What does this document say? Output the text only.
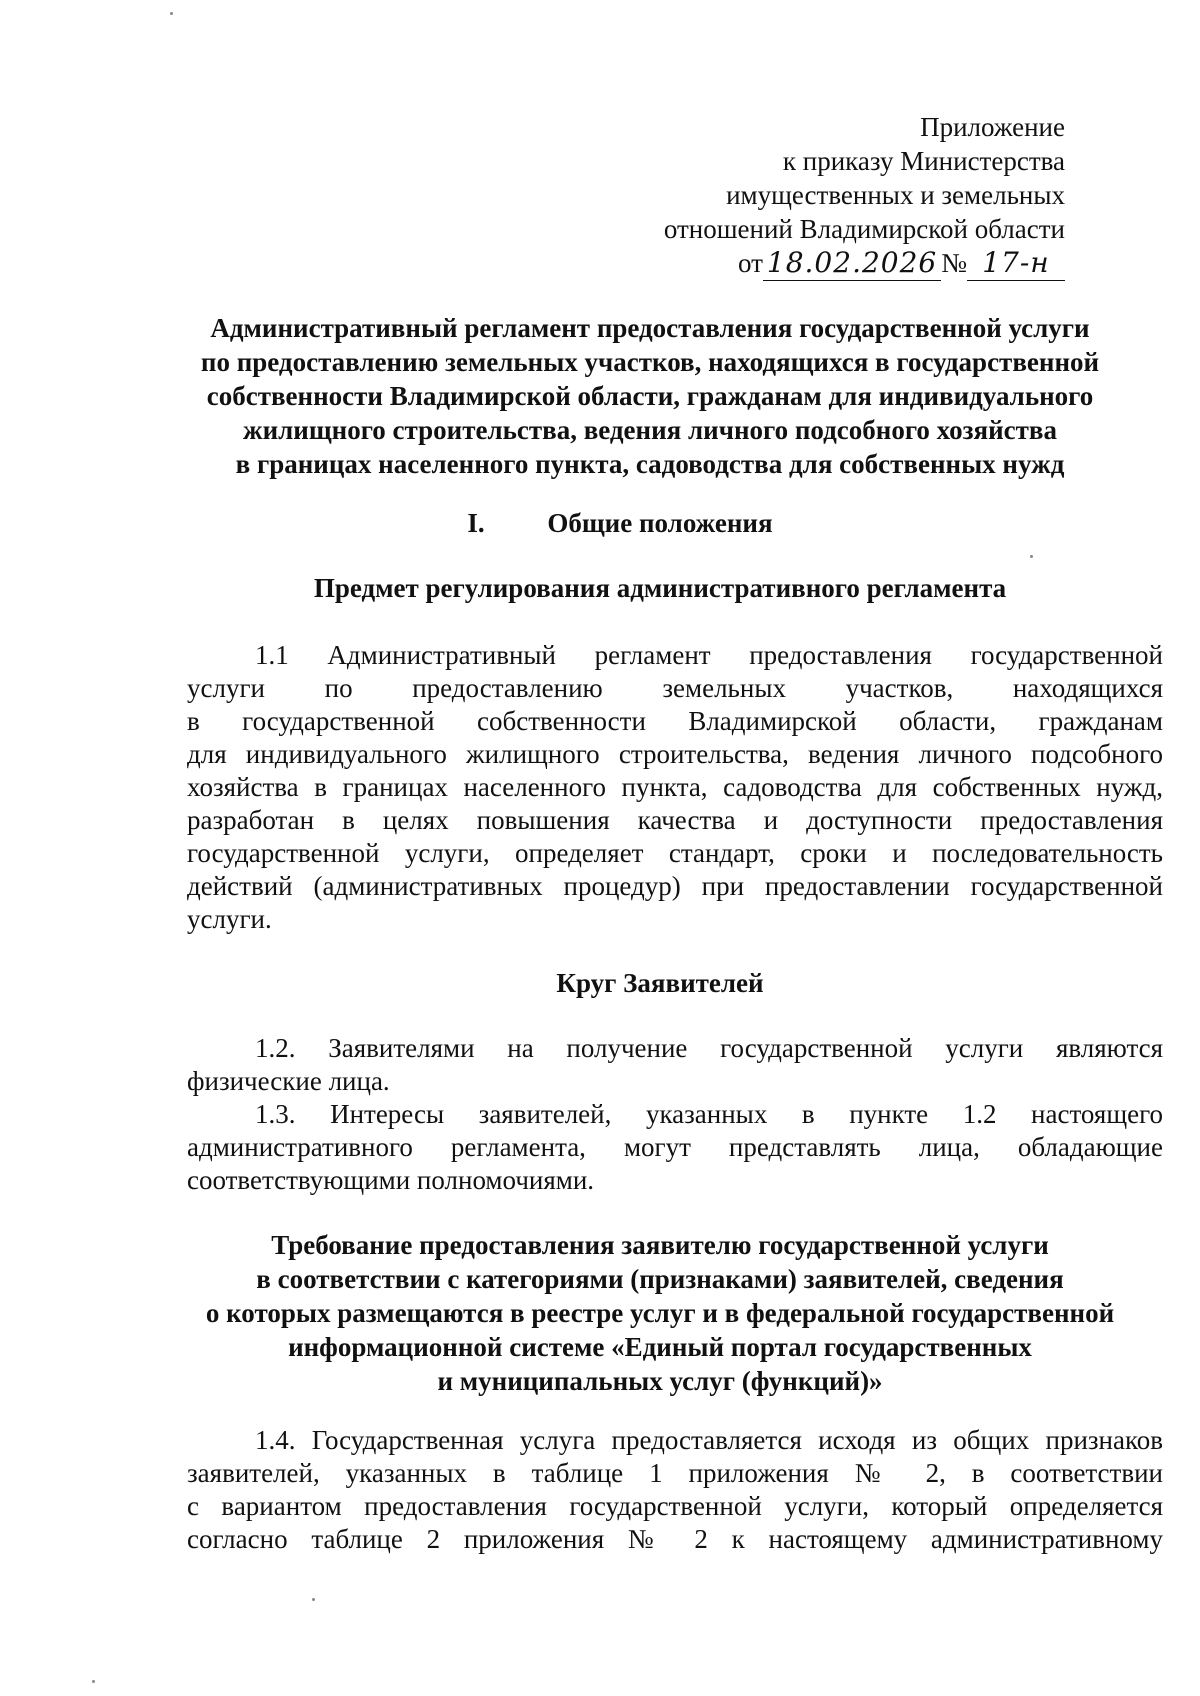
Приложение
к приказу Министерства
имущественных и земельных
отношений Владимирской области
от 18.02.2026 № 17-н
Административный регламент предоставления государственной услуги
по предоставлению земельных участков, находящихся в государственной
собственности Владимирской области, гражданам для индивидуального
жилищного строительства, ведения личного подсобного хозяйства
в границах населенного пункта, садоводства для собственных нужд
I. Общие положения
Предмет регулирования административного регламента
1.1 Административный регламент предоставления государственной
услуги по предоставлению земельных участков, находящихся
в государственной собственности Владимирской области, гражданам
для индивидуального жилищного строительства, ведения личного подсобного
хозяйства в границах населенного пункта, садоводства для собственных нужд,
разработан в целях повышения качества и доступности предоставления
государственной услуги, определяет стандарт, сроки и последовательность
действий (административных процедур) при предоставлении государственной
услуги.
Круг Заявителей
1.2. Заявителями на получение государственной услуги являются
физические лица.
1.3. Интересы заявителей, указанных в пункте 1.2 настоящего
административного регламента, могут представлять лица, обладающие
соответствующими полномочиями.
Требование предоставления заявителю государственной услуги
в соответствии с категориями (признаками) заявителей, сведения
о которых размещаются в реестре услуг и в федеральной государственной
информационной системе «Единый портал государственных
и муниципальных услуг (функций)»
1.4. Государственная услуга предоставляется исходя из общих признаков
заявителей, указанных в таблице 1 приложения № 2, в соответствии
с вариантом предоставления государственной услуги, который определяется
согласно таблице 2 приложения № 2 к настоящему административному
